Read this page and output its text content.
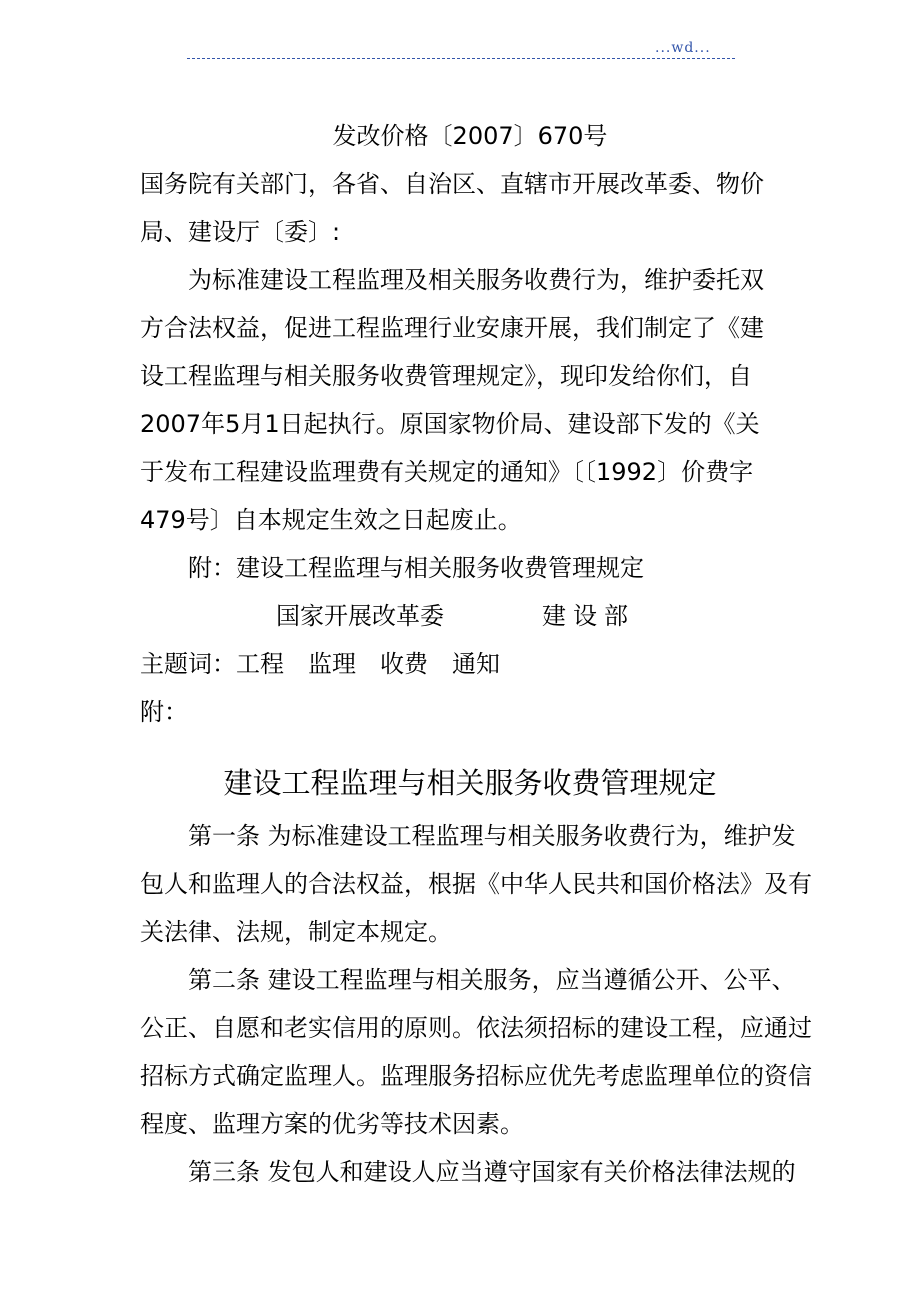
...wd...
发改价格〔2007〕670号
国务院有关部门，各省、自治区、直辖市开展改革委、物价
局、建设厅〔委〕:
为标准建设工程监理及相关服务收费行为，维护委托双
方合法权益，促进工程监理行业安康开展，我们制定了《建
设工程监理与相关服务收费管理规定》，现印发给你们，自
2007年5月1日起执行。原国家物价局、建设部下发的《关
于发布工程建设监理费有关规定的通知》〔〔1992〕价费字
479号〕自本规定生效之日起废止。
附：建设工程监理与相关服务收费管理规定
国家开展改革委	建设部
主题词：工程 监理 收费 通知
附：
建设工程监理与相关服务收费管理规定
第一条 为标准建设工程监理与相关服务收费行为，维护发
包人和监理人的合法权益，根据《中华人民共和国价格法》及有
关法律、法规，制定本规定。
第二条 建设工程监理与相关服务，应当遵循公开、公平、
公正、自愿和老实信用的原则。依法须招标的建设工程，应通过
招标方式确定监理人。监理服务招标应优先考虑监理单位的资信
程度、监理方案的优劣等技术因素。
第三条 发包人和建设人应当遵守国家有关价格法律法规的
